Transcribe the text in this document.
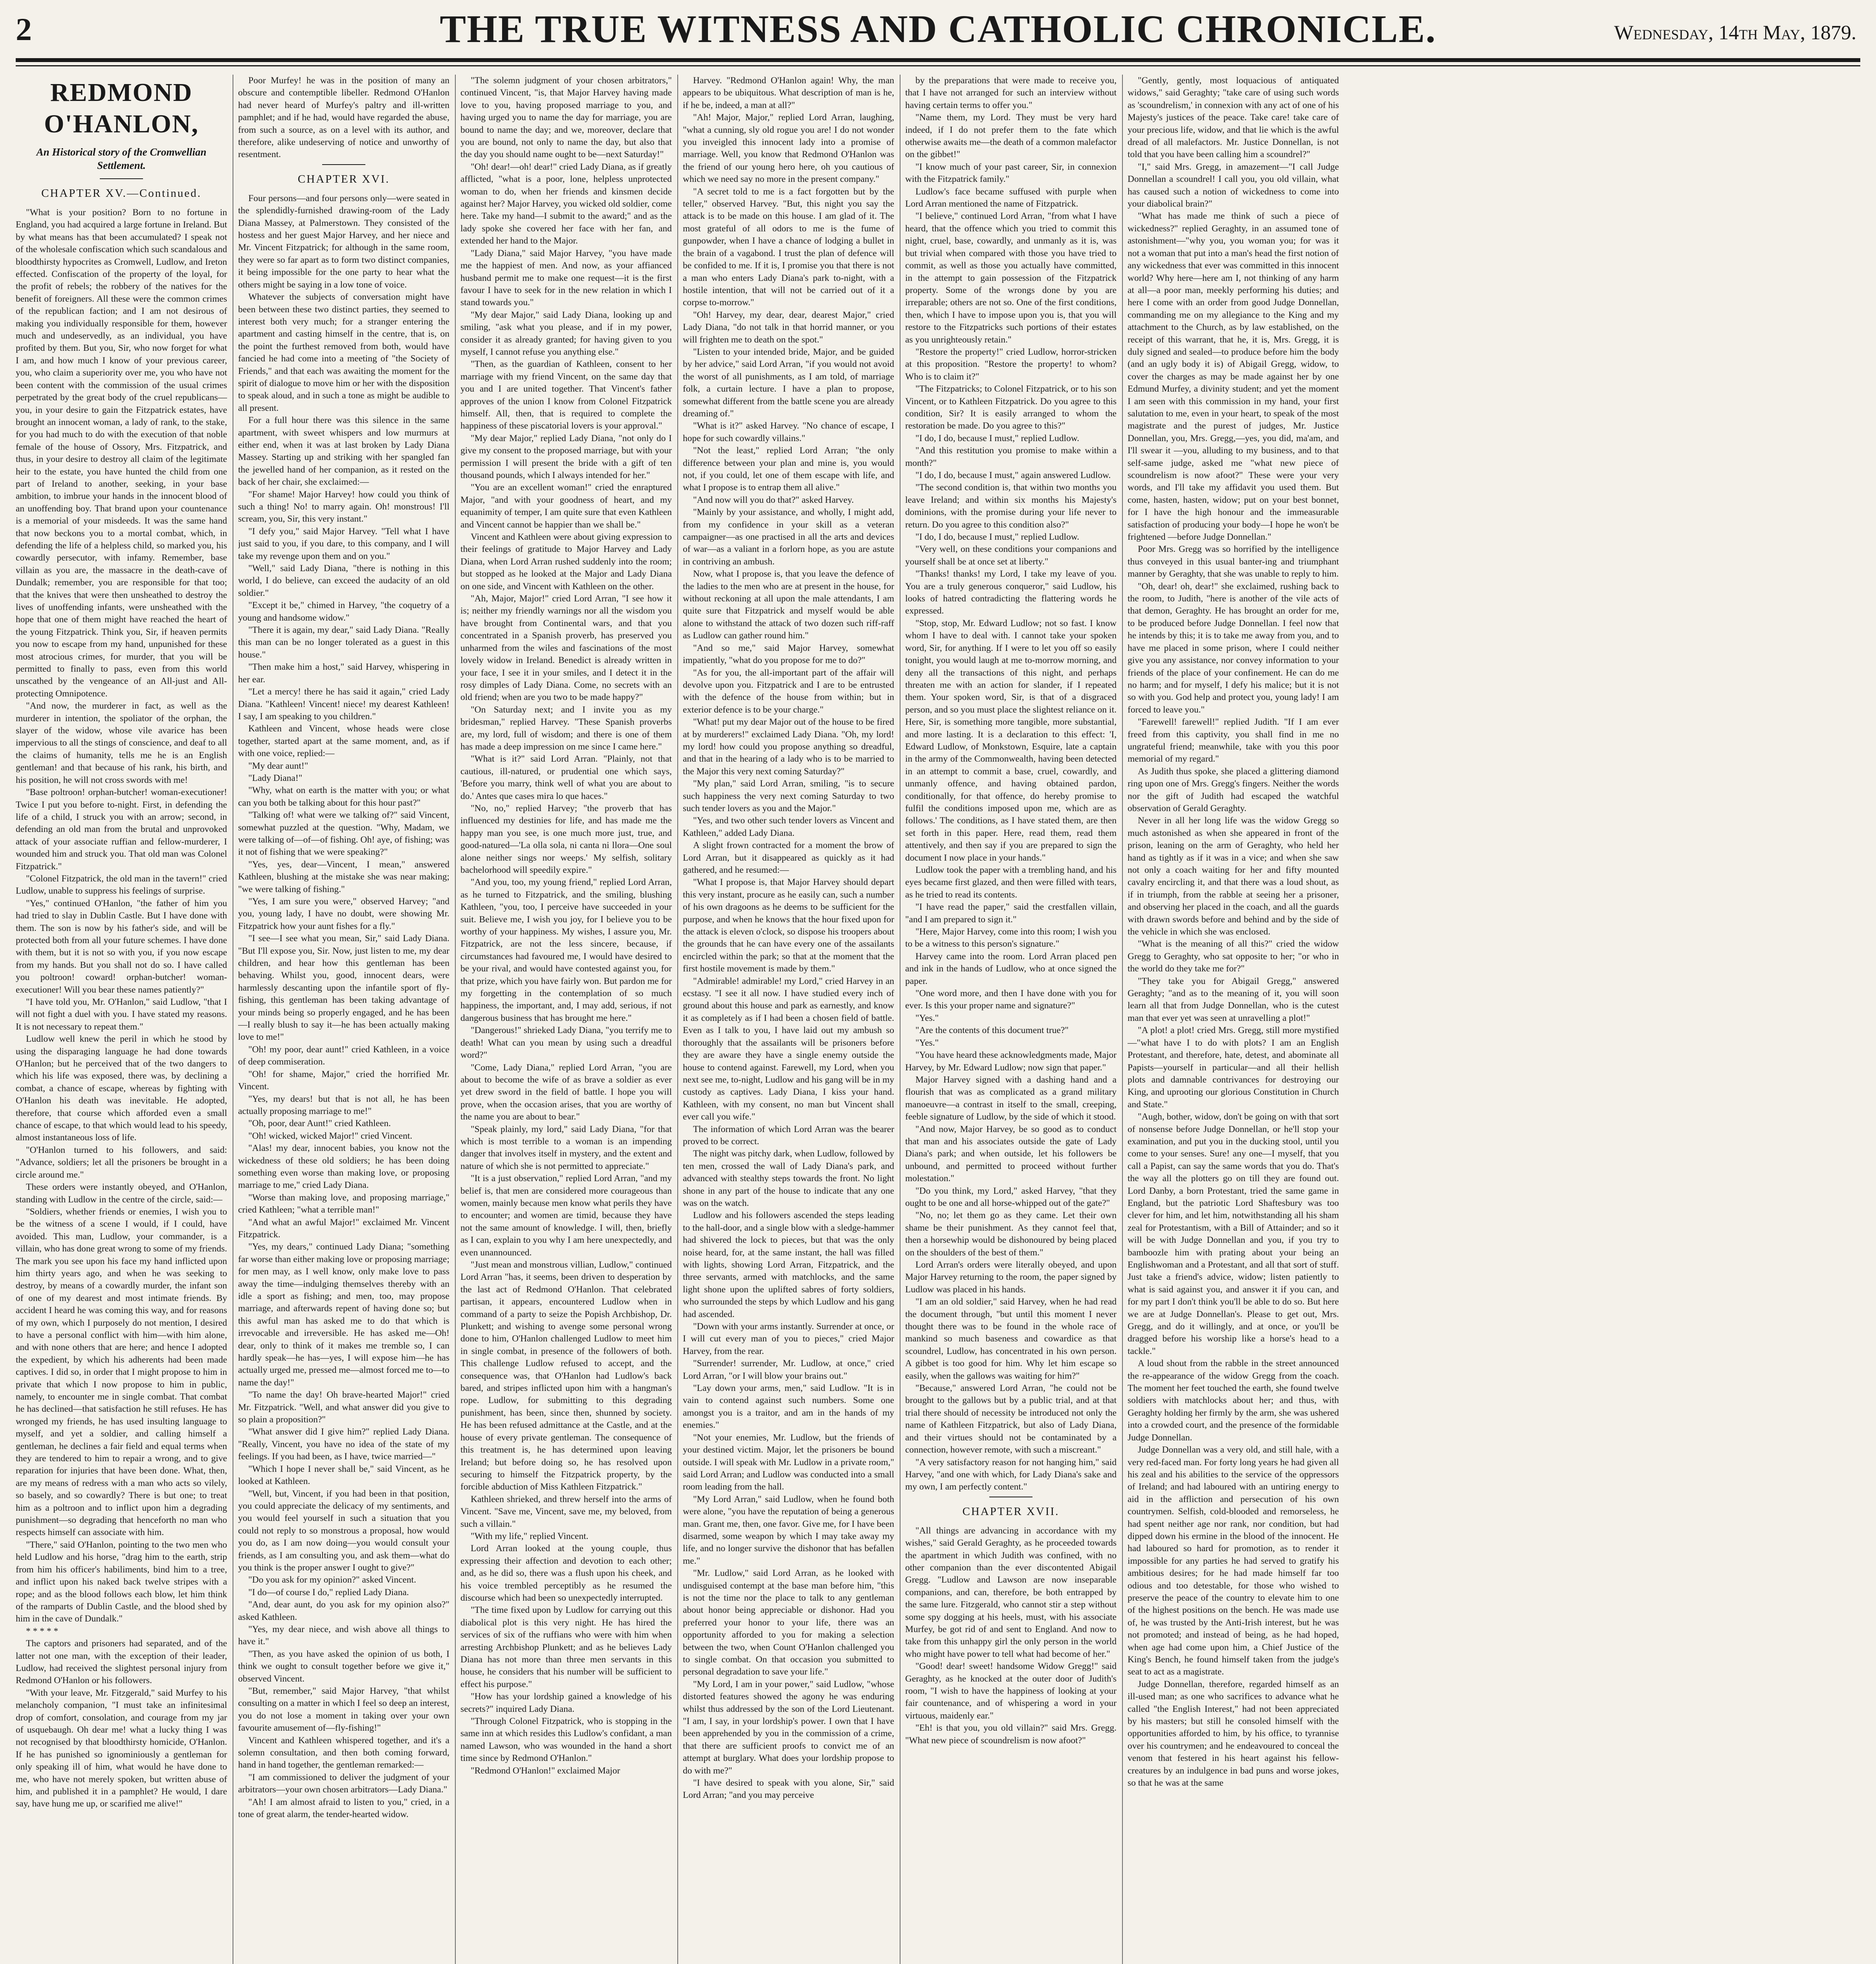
2	THE TRUE WITNESS AND CATHOLIC CHRONICLE.	Wednesday, 14th May, 1879.
REDMOND O'HANLON,
An Historical story of the Cromwellian Settlement.
CHAPTER XV.—Continued.

"What is your position? Born to no fortune in England, you had acquired a large fortune in Ireland. But by what means has that been accumulated? I speak not of the wholesale confiscation which such scandalous and bloodthirsty hypocrites as Cromwell, Ludlow, and Ireton effected. Confiscation of the property of the loyal, for the profit of rebels; the robbery of the natives for the benefit of foreigners. All these were the common crimes of the republican faction; and I am not desirous of making you individually responsible for them, however much and undeservedly, as an individual, you have profited by them. But you, Sir, who now forget for what I am, and how much I know of your previous career, you, who claim a superiority over me, you who have not been content with the commission of the usual crimes perpetrated by the great body of the cruel republicans—you, in your desire to gain the Fitzpatrick estates, have brought an innocent woman, a lady of rank, to the stake, for you had much to do with the execution of that noble female of the house of Ossory, Mrs. Fitzpatrick, and thus, in your desire to destroy all claim of the legitimate heir to the estate, you have hunted the child from one part of Ireland to another, seeking, in your base ambition, to imbrue your hands in the innocent blood of an unoffending boy. That brand upon your countenance is a memorial of your misdeeds. It was the same hand that now beckons you to a mortal combat, which, in defending the life of a helpless child, so marked you, his cowardly persecutor, with infamy. Remember, base villain as you are, the massacre in the death-cave of Dundalk; remember, you are responsible for that too; that the knives that were then unsheathed to destroy the lives of unoffending infants, were unsheathed with the hope that one of them might have reached the heart of the young Fitzpatrick. Think you, Sir, if heaven permits you now to escape from my hand, unpunished for these most atrocious crimes, for murder, that you will be permitted to finally to pass, even from this world unscathed by the vengeance of an All-just and All-protecting Omnipotence.

"And now, the murderer in fact, as well as the murderer in intention, the spoliator of the orphan, the slayer of the widow, whose vile avarice has been impervious to all the stings of conscience, and deaf to all the claims of humanity, tells me he is an English gentleman! and that because of his rank, his birth, and his position, he will not cross swords with me!

"Base poltroon! orphan-butcher! woman-executioner! Twice I put you before to-night. First, in defending the life of a child, I struck you with an arrow; second, in defending an old man from the brutal and unprovoked attack of your associate ruffian and fellow-murderer, I wounded him and struck you. That old man was Colonel Fitzpatrick."

"Colonel Fitzpatrick, the old man in the tavern!" cried Ludlow, unable to suppress his feelings of surprise.

"Yes," continued O'Hanlon, "the father of him you had tried to slay in Dublin Castle. But I have done with them. The son is now by his father's side, and will be protected both from all your future schemes. I have done with them, but it is not so with you, if you now escape from my hands. But you shall not do so. I have called you poltroon! coward! orphan-butcher! woman-executioner! Will you bear these names patiently?"

"I have told you, Mr. O'Hanlon," said Ludlow, "that I will not fight a duel with you. I have stated my reasons. It is not necessary to repeat them."

Ludlow well knew the peril in which he stood by using the disparaging language he had done towards O'Hanlon; but he perceived that of the two dangers to which his life was exposed, there was, by declining a combat, a chance of escape, whereas by fighting with O'Hanlon his death was inevitable. He adopted, therefore, that course which afforded even a small chance of escape, to that which would lead to his speedy, almost instantaneous loss of life.

"O'Hanlon turned to his followers, and said: "Advance, soldiers; let all the prisoners be brought in a circle around me."

These orders were instantly obeyed, and O'Hanlon, standing with Ludlow in the centre of the circle, said:—

"Soldiers, whether friends or enemies, I wish you to be the witness of a scene I would, if I could, have avoided. This man, Ludlow, your commander, is a villain, who has done great wrong to some of my friends. The mark you see upon his face my hand inflicted upon him thirty years ago, and when he was seeking to destroy, by means of a cowardly murder, the infant son of one of my dearest and most intimate friends. By accident I heard he was coming this way, and for reasons of my own, which I purposely do not mention, I desired to have a personal conflict with him—with him alone, and with none others that are here; and hence I adopted the expedient, by which his adherents had been made captives. I did so, in order that I might propose to him in private that which I now propose to him in public, namely, to encounter me in single combat. That combat he has declined—that satisfaction he still refuses. He has wronged my friends, he has used insulting language to myself, and yet a soldier, and calling himself a gentleman, he declines a fair field and equal terms when they are tendered to him to repair a wrong, and to give reparation for injuries that have been done. What, then, are my means of redress with a man who acts so vilely, so basely, and so cowardly? There is but one; to treat him as a poltroon and to inflict upon him a degrading punishment—so degrading that henceforth no man who respects himself can associate with him.

"There," said O'Hanlon, pointing to the two men who held Ludlow and his horse, "drag him to the earth, strip from him his officer's habiliments, bind him to a tree, and inflict upon his naked back twelve stripes with a rope; and as the blood follows each blow, let him think of the ramparts of Dublin Castle, and the blood shed by him in the cave of Dundalk."

* * * * *

The captors and prisoners had separated, and of the latter not one man, with the exception of their leader, Ludlow, had received the slightest personal injury from Redmond O'Hanlon or his followers.

"With your leave, Mr. Fitzgerald," said Murfey to his melancholy companion, "I must take an infinitesimal drop of comfort, consolation, and courage from my jar of usquebaugh. Oh dear me! what a lucky thing I was not recognised by that bloodthirsty homicide, O'Hanlon. If he has punished so ignominiously a gentleman for only speaking ill of him, what would he have done to me, who have not merely spoken, but written abuse of him, and published it in a pamphlet? He would, I dare say, have hung me up, or scarified me alive!"

Poor Murfey! he was in the position of many an obscure and contemptible libeller. Redmond O'Hanlon had never heard of Murfey's paltry and ill-written pamphlet; and if he had, would have regarded the abuse, from such a source, as on a level with its author, and therefore, alike undeserving of notice and unworthy of resentment.

CHAPTER XVI.

Four persons—and four persons only—were seated in the splendidly-furnished drawing-room of the Lady Diana Massey, at Palmerstown. They consisted of the hostess and her guest Major Harvey, and her niece and Mr. Vincent Fitzpatrick; for although in the same room, they were so far apart as to form two distinct companies, it being impossible for the one party to hear what the others might be saying in a low tone of voice.

Whatever the subjects of conversation might have been between these two distinct parties, they seemed to interest both very much; for a stranger entering the apartment and casting himself in the centre, that is, on the point the furthest removed from both, would have fancied he had come into a meeting of "the Society of Friends," and that each was awaiting the moment for the spirit of dialogue to move him or her with the disposition to speak aloud, and in such a tone as might be audible to all present.

For a full hour there was this silence in the same apartment, with sweet whispers and low murmurs at either end, when it was at last broken by Lady Diana Massey. Starting up and striking with her spangled fan the jewelled hand of her companion, as it rested on the back of her chair, she exclaimed:—

"For shame! Major Harvey! how could you think of such a thing! No! to marry again. Oh! monstrous! I'll scream, you, Sir, this very instant."

"I defy you," said Major Harvey. "Tell what I have just said to you, if you dare, to this company, and I will take my revenge upon them and on you."

"Well," said Lady Diana, "there is nothing in this world, I do believe, can exceed the audacity of an old soldier."

"Except it be," chimed in Harvey, "the coquetry of a young and handsome widow."

"There it is again, my dear," said Lady Diana. "Really this man can be no longer tolerated as a guest in this house."

"Then make him a host," said Harvey, whispering in her ear.

"Let a mercy! there he has said it again," cried Lady Diana. "Kathleen! Vincent! niece! my dearest Kathleen! I say, I am speaking to you children."

Kathleen and Vincent, whose heads were close together, started apart at the same moment, and, as if with one voice, replied:—

"My dear aunt!"

"Lady Diana!"

"Why, what on earth is the matter with you; or what can you both be talking about for this hour past?"

"Talking of! what were we talking of?" said Vincent, somewhat puzzled at the question. "Why, Madam, we were talking of—of—of fishing. Oh! aye, of fishing; was it not of fishing that we were speaking?"

"Yes, yes, dear—Vincent, I mean," answered Kathleen, blushing at the mistake she was near making; "we were talking of fishing."

"Yes, I am sure you were," observed Harvey; "and you, young lady, I have no doubt, were showing Mr. Fitzpatrick how your aunt fishes for a fly."

"I see—I see what you mean, Sir," said Lady Diana. "But I'll expose you, Sir. Now, just listen to me, my dear children, and hear how this gentleman has been behaving. Whilst you, good, innocent dears, were harmlessly descanting upon the infantile sport of fly-fishing, this gentleman has been taking advantage of your minds being so properly engaged, and he has been—I really blush to say it—he has been actually making love to me!"

"Oh! my poor, dear aunt!" cried Kathleen, in a voice of deep commiseration.

"Oh! for shame, Major," cried the horrified Mr. Vincent.

"Yes, my dears! but that is not all, he has been actually proposing marriage to me!"

"Oh, poor, dear Aunt!" cried Kathleen.

"Oh! wicked, wicked Major!" cried Vincent.

"Alas! my dear, innocent babies, you know not the wickedness of these old soldiers; he has been doing something even worse than making love, or proposing marriage to me," cried Lady Diana.

"Worse than making love, and proposing marriage," cried Kathleen; "what a terrible man!"

"And what an awful Major!" exclaimed Mr. Vincent Fitzpatrick.

"Yes, my dears," continued Lady Diana; "something far worse than either making love or proposing marriage; for men may, as I well know, only make love to pass away the time—indulging themselves thereby with an idle a sport as fishing; and men, too, may propose marriage, and afterwards repent of having done so; but this awful man has asked me to do that which is irrevocable and irreversible. He has asked me—Oh! dear, only to think of it makes me tremble so, I can hardly speak—he has—yes, I will expose him—he has actually urged me, pressed me—almost forced me to—to name the day!"

"To name the day! Oh brave-hearted Major!" cried Mr. Fitzpatrick. "Well, and what answer did you give to so plain a proposition?"

"What answer did I give him?" replied Lady Diana. "Really, Vincent, you have no idea of the state of my feelings. If you had been, as I have, twice married—"

"Which I hope I never shall be," said Vincent, as he looked at Kathleen.

"Well, but, Vincent, if you had been in that position, you could appreciate the delicacy of my sentiments, and you would feel yourself in such a situation that you could not reply to so monstrous a proposal, how would you do, as I am now doing—you would consult your friends, as I am consulting you, and ask them—what do you think is the proper answer I ought to give?"

"Do you ask for my opinion?" asked Vincent.

"I do—of course I do," replied Lady Diana.

"And, dear aunt, do you ask for my opinion also?" asked Kathleen.

"Yes, my dear niece, and wish above all things to have it."

"Then, as you have asked the opinion of us both, I think we ought to consult together before we give it," observed Vincent.

"But, remember," said Major Harvey, "that whilst consulting on a matter in which I feel so deep an interest, you do not lose a moment in taking over your own favourite amusement of—fly-fishing!"

Vincent and Kathleen whispered together, and it's a solemn consultation, and then both coming forward, hand in hand together, the gentleman remarked:—

"I am commissioned to deliver the judgment of your arbitrators—your own chosen arbitrators—Lady Diana."

"Ah! I am almost afraid to listen to you," cried, in a tone of great alarm, the tender-hearted widow.

"The solemn judgment of your chosen arbitrators," continued Vincent, "is, that Major Harvey having made love to you, having proposed marriage to you, and having urged you to name the day for marriage, you are bound to name the day; and we, moreover, declare that you are bound, not only to name the day, but also that the day you should name ought to be—next Saturday!"

"Oh! dear!—oh! dear!" cried Lady Diana, as if greatly afflicted, "what is a poor, lone, helpless unprotected woman to do, when her friends and kinsmen decide against her? Major Harvey, you wicked old soldier, come here. Take my hand—I submit to the award;" and as the lady spoke she covered her face with her fan, and extended her hand to the Major.

"Lady Diana," said Major Harvey, "you have made me the happiest of men. And now, as your affianced husband permit me to make one request—it is the first favour I have to seek for in the new relation in which I stand towards you."

"My dear Major," said Lady Diana, looking up and smiling, "ask what you please, and if in my power, consider it as already granted; for having given to you myself, I cannot refuse you anything else."

"Then, as the guardian of Kathleen, consent to her marriage with my friend Vincent, on the same day that you and I are united together. That Vincent's father approves of the union I know from Colonel Fitzpatrick himself. All, then, that is required to complete the happiness of these piscatorial lovers is your approval."

"My dear Major," replied Lady Diana, "not only do I give my consent to the proposed marriage, but with your permission I will present the bride with a gift of ten thousand pounds, which I always intended for her."

"You are an excellent woman!" cried the enraptured Major, "and with your goodness of heart, and my equanimity of temper, I am quite sure that even Kathleen and Vincent cannot be happier than we shall be."

Vincent and Kathleen were about giving expression to their feelings of gratitude to Major Harvey and Lady Diana, when Lord Arran rushed suddenly into the room; but stopped as he looked at the Major and Lady Diana on one side, and Vincent with Kathleen on the other.

"Ah, Major, Major!" cried Lord Arran, "I see how it is; neither my friendly warnings nor all the wisdom you have brought from Continental wars, and that you concentrated in a Spanish proverb, has preserved you unharmed from the wiles and fascinations of the most lovely widow in Ireland. Benedict is already written in your face, I see it in your smiles, and I detect it in the rosy dimples of Lady Diana. Come, no secrets with an old friend; when are you two to be made happy?"

"On Saturday next; and I invite you as my bridesman," replied Harvey. "These Spanish proverbs are, my lord, full of wisdom; and there is one of them has made a deep impression on me since I came here."

"What is it?" said Lord Arran. "Plainly, not that cautious, ill-natured, or prudential one which says, 'Before you marry, think well of what you are about to do.' Antes que cases mira lo que haces."

"No, no," replied Harvey; "the proverb that has influenced my destinies for life, and has made me the happy man you see, is one much more just, true, and good-natured—'La olla sola, ni canta ni llora—One soul alone neither sings nor weeps.' My selfish, solitary bachelorhood will speedily expire."

"And you, too, my young friend," replied Lord Arran, as he turned to Fitzpatrick, and the smiling, blushing Kathleen, "you, too, I perceive have succeeded in your suit. Believe me, I wish you joy, for I believe you to be worthy of your happiness. My wishes, I assure you, Mr. Fitzpatrick, are not the less sincere, because, if circumstances had favoured me, I would have desired to be your rival, and would have contested against you, for that prize, which you have fairly won. But pardon me for my forgetting in the contemplation of so much happiness, the important, and, I may add, serious, if not dangerous business that has brought me here."

"Dangerous!" shrieked Lady Diana, "you terrify me to death! What can you mean by using such a dreadful word?"

"Come, Lady Diana," replied Lord Arran, "you are about to become the wife of as brave a soldier as ever yet drew sword in the field of battle. I hope you will prove, when the occasion arises, that you are worthy of the name you are about to bear."

"Speak plainly, my lord," said Lady Diana, "for that which is most terrible to a woman is an impending danger that involves itself in mystery, and the extent and nature of which she is not permitted to appreciate."

"It is a just observation," replied Lord Arran, "and my belief is, that men are considered more courageous than women, mainly because men know what perils they have to encounter; and women are timid, because they have not the same amount of knowledge. I will, then, briefly as I can, explain to you why I am here unexpectedly, and even unannounced.

"Just mean and monstrous villian, Ludlow," continued Lord Arran "has, it seems, been driven to desperation by the last act of Redmond O'Hanlon. That celebrated partisan, it appears, encountered Ludlow when in command of a party to seize the Popish Archbishop, Dr. Plunkett; and wishing to avenge some personal wrong done to him, O'Hanlon challenged Ludlow to meet him in single combat, in presence of the followers of both. This challenge Ludlow refused to accept, and the consequence was, that O'Hanlon had Ludlow's back bared, and stripes inflicted upon him with a hangman's rope. Ludlow, for submitting to this degrading punishment, has been, since then, shunned by society. He has been refused admittance at the Castle, and at the house of every private gentleman. The consequence of this treatment is, he has determined upon leaving Ireland; but before doing so, he has resolved upon securing to himself the Fitzpatrick property, by the forcible abduction of Miss Kathleen Fitzpatrick."

Kathleen shrieked, and threw herself into the arms of Vincent. "Save me, Vincent, save me, my beloved, from such a villain."

"With my life," replied Vincent.

Lord Arran looked at the young couple, thus expressing their affection and devotion to each other; and, as he did so, there was a flush upon his cheek, and his voice trembled perceptibly as he resumed the discourse which had been so unexpectedly interrupted.

"The time fixed upon by Ludlow for carrying out this diabolical plot is this very night. He has hired the services of six of the ruffians who were with him when arresting Archbishop Plunkett; and as he believes Lady Diana has not more than three men servants in this house, he considers that his number will be sufficient to effect his purpose."

"How has your lordship gained a knowledge of his secrets?" inquired Lady Diana.

"Through Colonel Fitzpatrick, who is stopping in the same inn at which resides this Ludlow's confidant, a man named Lawson, who was wounded in the hand a short time since by Redmond O'Hanlon."

"Redmond O'Hanlon!" exclaimed Major

Harvey. "Redmond O'Hanlon again! Why, the man appears to be ubiquitous. What description of man is he, if he be, indeed, a man at all?"

"Ah! Major, Major," replied Lord Arran, laughing, "what a cunning, sly old rogue you are! I do not wonder you inveigled this innocent lady into a promise of marriage. Well, you know that Redmond O'Hanlon was the friend of our young hero here, oh you cautious of which we need say no more in the present company."

"A secret told to me is a fact forgotten but by the teller," observed Harvey. "But, this night you say the attack is to be made on this house. I am glad of it. The most grateful of all odors to me is the fume of gunpowder, when I have a chance of lodging a bullet in the brain of a vagabond. I trust the plan of defence will be confided to me. If it is, I promise you that there is not a man who enters Lady Diana's park to-night, with a hostile intention, that will not be carried out of it a corpse to-morrow."

"Oh! Harvey, my dear, dear, dearest Major," cried Lady Diana, "do not talk in that horrid manner, or you will frighten me to death on the spot."

"Listen to your intended bride, Major, and be guided by her advice," said Lord Arran, "if you would not avoid the worst of all punishments, as I am told, of marriage folk, a curtain lecture. I have a plan to propose, somewhat different from the battle scene you are already dreaming of."

"What is it?" asked Harvey. "No chance of escape, I hope for such cowardly villains."

"Not the least," replied Lord Arran; "the only difference between your plan and mine is, you would not, if you could, let one of them escape with life, and what I propose is to entrap them all alive."

"And now will you do that?" asked Harvey.

"Mainly by your assistance, and wholly, I might add, from my confidence in your skill as a veteran campaigner—as one practised in all the arts and devices of war—as a valiant in a forlorn hope, as you are astute in contriving an ambush.

Now, what I propose is, that you leave the defence of the ladies to the men who are at present in the house, for without reckoning at all upon the male attendants, I am quite sure that Fitzpatrick and myself would be able alone to withstand the attack of two dozen such riff-raff as Ludlow can gather round him."

"And so me," said Major Harvey, somewhat impatiently, "what do you propose for me to do?"

"As for you, the all-important part of the affair will devolve upon you. Fitzpatrick and I are to be entrusted with the defence of the house from within; but in exterior defence is to be your charge."

"What! put my dear Major out of the house to be fired at by murderers!" exclaimed Lady Diana. "Oh, my lord! my lord! how could you propose anything so dreadful, and that in the hearing of a lady who is to be married to the Major this very next coming Saturday?"

"My plan," said Lord Arran, smiling, "is to secure such happiness the very next coming Saturday to two such tender lovers as you and the Major."

"Yes, and two other such tender lovers as Vincent and Kathleen," added Lady Diana.

A slight frown contracted for a moment the brow of Lord Arran, but it disappeared as quickly as it had gathered, and he resumed:—

"What I propose is, that Major Harvey should depart this very instant, procure as he easily can, such a number of his own dragoons as he deems to be sufficient for the purpose, and when he knows that the hour fixed upon for the attack is eleven o'clock, so dispose his troopers about the grounds that he can have every one of the assailants encircled within the park; so that at the moment that the first hostile movement is made by them."

"Admirable! admirable! my Lord," cried Harvey in an ecstasy. "I see it all now. I have studied every inch of ground about this house and park as earnestly, and know it as completely as if I had been a chosen field of battle. Even as I talk to you, I have laid out my ambush so thoroughly that the assailants will be prisoners before they are aware they have a single enemy outside the house to contend against. Farewell, my Lord, when you next see me, to-night, Ludlow and his gang will be in my custody as captives. Lady Diana, I kiss your hand. Kathleen, with my consent, no man but Vincent shall ever call you wife."

The information of which Lord Arran was the bearer proved to be correct.

The night was pitchy dark, when Ludlow, followed by ten men, crossed the wall of Lady Diana's park, and advanced with stealthy steps towards the front. No light shone in any part of the house to indicate that any one was on the watch.

Ludlow and his followers ascended the steps leading to the hall-door, and a single blow with a sledge-hammer had shivered the lock to pieces, but that was the only noise heard, for, at the same instant, the hall was filled with lights, showing Lord Arran, Fitzpatrick, and the three servants, armed with matchlocks, and the same light shone upon the uplifted sabres of forty soldiers, who surrounded the steps by which Ludlow and his gang had ascended.

"Down with your arms instantly. Surrender at once, or I will cut every man of you to pieces," cried Major Harvey, from the rear.

"Surrender! surrender, Mr. Ludlow, at once," cried Lord Arran, "or I will blow your brains out."

"Lay down your arms, men," said Ludlow. "It is in vain to contend against such numbers. Some one amongst you is a traitor, and am in the hands of my enemies."

"Not your enemies, Mr. Ludlow, but the friends of your destined victim. Major, let the prisoners be bound outside. I will speak with Mr. Ludlow in a private room," said Lord Arran; and Ludlow was conducted into a small room leading from the hall.

"My Lord Arran," said Ludlow, when he found both were alone, "you have the reputation of being a generous man. Grant me, then, one favor. Give me, for I have been disarmed, some weapon by which I may take away my life, and no longer survive the dishonor that has befallen me."

"Mr. Ludlow," said Lord Arran, as he looked with undisguised contempt at the base man before him, "this is not the time nor the place to talk to any gentleman about honor being appreciable or dishonor. Had you preferred your honor to your life, there was an opportunity afforded to you for making a selection between the two, when Count O'Hanlon challenged you to single combat. On that occasion you submitted to personal degradation to save your life."

"My Lord, I am in your power," said Ludlow, "whose distorted features showed the agony he was enduring whilst thus addressed by the son of the Lord Lieutenant. "I am, I say, in your lordship's power. I own that I have been apprehended by you in the commission of a crime, that there are sufficient proofs to convict me of an attempt at burglary. What does your lordship propose to do with me?"

"I have desired to speak with you alone, Sir," said Lord Arran; "and you may perceive

by the preparations that were made to receive you, that I have not arranged for such an interview without having certain terms to offer you."

"Name them, my Lord. They must be very hard indeed, if I do not prefer them to the fate which otherwise awaits me—the death of a common malefactor on the gibbet!"

"I know much of your past career, Sir, in connexion with the Fitzpatrick family."

Ludlow's face became suffused with purple when Lord Arran mentioned the name of Fitzpatrick.

"I believe," continued Lord Arran, "from what I have heard, that the offence which you tried to commit this night, cruel, base, cowardly, and unmanly as it is, was but trivial when compared with those you have tried to commit, as well as those you actually have committed, in the attempt to gain possession of the Fitzpatrick property. Some of the wrongs done by you are irreparable; others are not so. One of the first conditions, then, which I have to impose upon you is, that you will restore to the Fitzpatricks such portions of their estates as you unrighteously retain."

"Restore the property!" cried Ludlow, horror-stricken at this proposition. "Restore the property! to whom? Who is to claim it?"

"The Fitzpatricks; to Colonel Fitzpatrick, or to his son Vincent, or to Kathleen Fitzpatrick. Do you agree to this condition, Sir? It is easily arranged to whom the restoration be made. Do you agree to this?"

"I do, I do, because I must," replied Ludlow.

"And this restitution you promise to make within a month?"

"I do, I do, because I must," again answered Ludlow.

"The second condition is, that within two months you leave Ireland; and within six months his Majesty's dominions, with the promise during your life never to return. Do you agree to this condition also?"

"I do, I do, because I must," replied Ludlow.

"Very well, on these conditions your companions and yourself shall be at once set at liberty."

"Thanks! thanks! my Lord, I take my leave of you. You are a truly generous conqueror," said Ludlow, his looks of hatred contradicting the flattering words he expressed.

"Stop, stop, Mr. Edward Ludlow; not so fast. I know whom I have to deal with. I cannot take your spoken word, Sir, for anything. If I were to let you off so easily tonight, you would laugh at me to-morrow morning, and deny all the transactions of this night, and perhaps threaten me with an action for slander, if I repeated them. Your spoken word, Sir, is that of a disgraced person, and so you must place the slightest reliance on it. Here, Sir, is something more tangible, more substantial, and more lasting. It is a declaration to this effect: 'I, Edward Ludlow, of Monkstown, Esquire, late a captain in the army of the Commonwealth, having been detected in an attempt to commit a base, cruel, cowardly, and unmanly offence, and having obtained pardon, conditionally, for that offence, do hereby promise to fulfil the conditions imposed upon me, which are as follows.' The conditions, as I have stated them, are then set forth in this paper. Here, read them, read them attentively, and then say if you are prepared to sign the document I now place in your hands."

Ludlow took the paper with a trembling hand, and his eyes became first glazed, and then were filled with tears, as he tried to read its contents.

"I have read the paper," said the crestfallen villain, "and I am prepared to sign it."

"Here, Major Harvey, come into this room; I wish you to be a witness to this person's signature."

Harvey came into the room. Lord Arran placed pen and ink in the hands of Ludlow, who at once signed the paper.

"One word more, and then I have done with you for ever. Is this your proper name and signature?"

"Yes."

"Are the contents of this document true?"

"Yes."

"You have heard these acknowledgments made, Major Harvey, by Mr. Edward Ludlow; now sign that paper."

Major Harvey signed with a dashing hand and a flourish that was as complicated as a grand military manoeuvre—a contrast in itself to the small, creeping, feeble signature of Ludlow, by the side of which it stood.

"And now, Major Harvey, be so good as to conduct that man and his associates outside the gate of Lady Diana's park; and when outside, let his followers be unbound, and permitted to proceed without further molestation."

"Do you think, my Lord," asked Harvey, "that they ought to be one and all horse-whipped out of the gate?"

"No, no; let them go as they came. Let their own shame be their punishment. As they cannot feel that, then a horsewhip would be dishonoured by being placed on the shoulders of the best of them."

Lord Arran's orders were literally obeyed, and upon Major Harvey returning to the room, the paper signed by Ludlow was placed in his hands.

"I am an old soldier," said Harvey, when he had read the document through, "but until this moment I never thought there was to be found in the whole race of mankind so much baseness and cowardice as that scoundrel, Ludlow, has concentrated in his own person. A gibbet is too good for him. Why let him escape so easily, when the gallows was waiting for him?"

"Because," answered Lord Arran, "he could not be brought to the gallows but by a public trial, and at that trial there should of necessity be introduced not only the name of Kathleen Fitzpatrick, but also of Lady Diana, and their virtues should not be contaminated by a connection, however remote, with such a miscreant."

"A very satisfactory reason for not hanging him," said Harvey, "and one with which, for Lady Diana's sake and my own, I am perfectly content."

CHAPTER XVII.

"All things are advancing in accordance with my wishes," said Gerald Geraghty, as he proceeded towards the apartment in which Judith was confined, with no other companion than the ever discontented Abigail Gregg. "Ludlow and Lawson are now inseparable companions, and can, therefore, be both entrapped by the same lure. Fitzgerald, who cannot stir a step without some spy dogging at his heels, must, with his associate Murfey, be got rid of and sent to England. And now to take from this unhappy girl the only person in the world who might have power to tell what had become of her."

"Good! dear! sweet! handsome Widow Gregg!" said Geraghty, as he knocked at the outer door of Judith's room, "I wish to have the happiness of looking at your fair countenance, and of whispering a word in your virtuous, maidenly ear."

"Eh! is that you, you old villain?" said Mrs. Gregg. "What new piece of scoundrelism is now afoot?"

"Gently, gently, most loquacious of antiquated widows," said Geraghty; "take care of using such words as 'scoundrelism,' in connexion with any act of one of his Majesty's justices of the peace. Take care! take care of your precious life, widow, and that lie which is the awful dread of all malefactors. Mr. Justice Donnellan, is not told that you have been calling him a scoundrel?"

"I," said Mrs. Gregg, in amazement—"I call Judge Donnellan a scoundrel! I call you, you old villain, what has caused such a notion of wickedness to come into your diabolical brain?"

"What has made me think of such a piece of wickedness?" replied Geraghty, in an assumed tone of astonishment—"why you, you woman you; for was it not a woman that put into a man's head the first notion of any wickedness that ever was committed in this innocent world? Why here—here am I, not thinking of any harm at all—a poor man, meekly performing his duties; and here I come with an order from good Judge Donnellan, commanding me on my allegiance to the King and my attachment to the Church, as by law established, on the receipt of this warrant, that he, it is, Mrs. Gregg, it is duly signed and sealed—to produce before him the body (and an ugly body it is) of Abigail Gregg, widow, to cover the charges as may be made against her by one Edmund Murfey, a divinity student; and yet the moment I am seen with this commission in my hand, your first salutation to me, even in your heart, to speak of the most magistrate and the purest of judges, Mr. Justice Donnellan, you, Mrs. Gregg,—yes, you did, ma'am, and I'll swear it —you, alluding to my business, and to that self-same judge, asked me "what new piece of scoundrelism is now afoot?" These were your very words, and I'll take my affidavit you used them. But come, hasten, hasten, widow; put on your best bonnet, for I have the high honour and the immeasurable satisfaction of producing your body—I hope he won't be frightened —before Judge Donnellan."

Poor Mrs. Gregg was so horrified by the intelligence thus conveyed in this usual banter-ing and triumphant manner by Geraghty, that she was unable to reply to him.

"Oh, dear! oh, dear!" she exclaimed, rushing back to the room, to Judith, "here is another of the vile acts of that demon, Geraghty. He has brought an order for me, to be produced before Judge Donnellan. I feel now that he intends by this; it is to take me away from you, and to have me placed in some prison, where I could neither give you any assistance, nor convey information to your friends of the place of your confinement. He can do me no harm; and for myself, I defy his malice; but it is not so with you. God help and protect you, young lady! I am forced to leave you."

"Farewell! farewell!" replied Judith. "If I am ever freed from this captivity, you shall find in me no ungrateful friend; meanwhile, take with you this poor memorial of my regard."

As Judith thus spoke, she placed a glittering diamond ring upon one of Mrs. Gregg's fingers. Neither the words nor the gift of Judith had escaped the watchful observation of Gerald Geraghty.

Never in all her long life was the widow Gregg so much astonished as when she appeared in front of the prison, leaning on the arm of Geraghty, who held her hand as tightly as if it was in a vice; and when she saw not only a coach waiting for her and fifty mounted cavalry encircling it, and that there was a loud shout, as if in triumph, from the rabble at seeing her a prisoner, and observing her placed in the coach, and all the guards with drawn swords before and behind and by the side of the vehicle in which she was enclosed.

"What is the meaning of all this?" cried the widow Gregg to Geraghty, who sat opposite to her; "or who in the world do they take me for?"

"They take you for Abigail Gregg," answered Geraghty; "and as to the meaning of it, you will soon learn all that from Judge Donnellan, who is the cutest man that ever yet was seen at unravelling a plot!"

"A plot! a plot! cried Mrs. Gregg, still more mystified—"what have I to do with plots? I am an English Protestant, and therefore, hate, detest, and abominate all Papists—yourself in particular—and all their hellish plots and damnable contrivances for destroying our King, and uprooting our glorious Constitution in Church and State."

"Augh, bother, widow, don't be going on with that sort of nonsense before Judge Donnellan, or he'll stop your examination, and put you in the ducking stool, until you come to your senses. Sure! any one—I myself, that you call a Papist, can say the same words that you do. That's the way all the plotters go on till they are found out. Lord Danby, a born Protestant, tried the same game in England, but the patriotic Lord Shaftesbury was too clever for him, and let him, notwithstanding all his sham zeal for Protestantism, with a Bill of Attainder; and so it will be with Judge Donnellan and you, if you try to bamboozle him with prating about your being an Englishwoman and a Protestant, and all that sort of stuff. Just take a friend's advice, widow; listen patiently to what is said against you, and answer it if you can, and for my part I don't think you'll be able to do so. But here we are at Judge Donnellan's. Please to get out, Mrs. Gregg, and do it willingly, and at once, or you'll be dragged before his worship like a horse's head to a tackle."

A loud shout from the rabble in the street announced the re-appearance of the widow Gregg from the coach. The moment her feet touched the earth, she found twelve soldiers with matchlocks about her; and thus, with Geraghty holding her firmly by the arm, she was ushered into a crowded court, and the presence of the formidable Judge Donnellan.

Judge Donnellan was a very old, and still hale, with a very red-faced man. For forty long years he had given all his zeal and his abilities to the service of the oppressors of Ireland; and had laboured with an untiring energy to aid in the affliction and persecution of his own countrymen. Selfish, cold-blooded and remorseless, he had spent neither age nor rank, nor condition, but had dipped down his ermine in the blood of the innocent. He had laboured so hard for promotion, as to render it impossible for any parties he had served to gratify his ambitious desires; for he had made himself far too odious and too detestable, for those who wished to preserve the peace of the country to elevate him to one of the highest positions on the bench. He was made use of, he was trusted by the Anti-Irish interest, but he was not promoted; and instead of being, as he had hoped, when age had come upon him, a Chief Justice of the King's Bench, he found himself taken from the judge's seat to act as a magistrate.

Judge Donnellan, therefore, regarded himself as an ill-used man; as one who sacrifices to advance what he called "the English Interest," had not been appreciated by his masters; but still he consoled himself with the opportunities afforded to him, by his office, to tyrannise over his countrymen; and he endeavoured to conceal the venom that festered in his heart against his fellow-creatures by an indulgence in bad puns and worse jokes, so that he was at the same
